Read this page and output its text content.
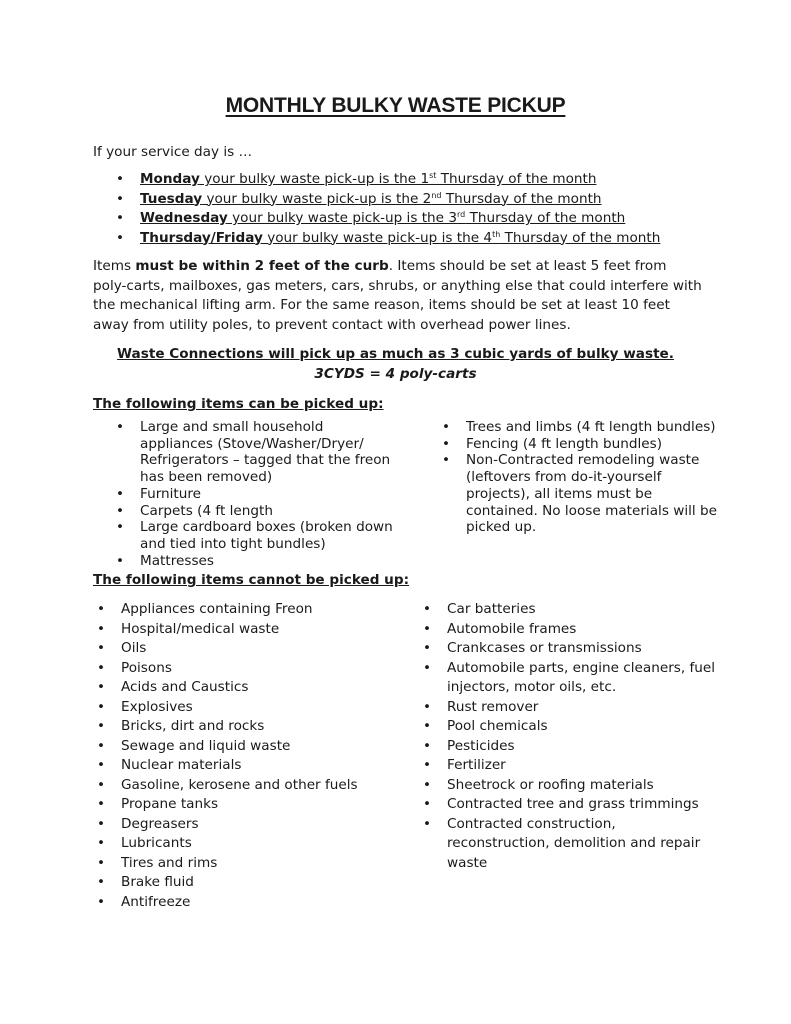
MONTHLY BULKY WASTE PICKUP
If your service day is …
• Monday your bulky waste pick-up is the 1st Thursday of the month
• Tuesday your bulky waste pick-up is the 2nd Thursday of the month
• Wednesday your bulky waste pick-up is the 3rd Thursday of the month
• Thursday/Friday your bulky waste pick-up is the 4th Thursday of the month
Items must be within 2 feet of the curb. Items should be set at least 5 feet from poly-carts, mailboxes, gas meters, cars, shrubs, or anything else that could interfere with the mechanical lifting arm. For the same reason, items should be set at least 10 feet away from utility poles, to prevent contact with overhead power lines.
Waste Connections will pick up as much as 3 cubic yards of bulky waste.
3CYDS = 4 poly-carts
The following items can be picked up:
• Large and small household appliances (Stove/Washer/Dryer/ Refrigerators – tagged that the freon has been removed)
• Furniture
• Carpets (4 ft length
• Large cardboard boxes (broken down and tied into tight bundles)
• Mattresses
• Trees and limbs (4 ft length bundles)
• Fencing (4 ft length bundles)
• Non-Contracted remodeling waste (leftovers from do-it-yourself projects), all items must be contained. No loose materials will be picked up.
The following items cannot be picked up:
• Appliances containing Freon
• Hospital/medical waste
• Oils
• Poisons
• Acids and Caustics
• Explosives
• Bricks, dirt and rocks
• Sewage and liquid waste
• Nuclear materials
• Gasoline, kerosene and other fuels
• Propane tanks
• Degreasers
• Lubricants
• Tires and rims
• Brake fluid
• Antifreeze
• Car batteries
• Automobile frames
• Crankcases or transmissions
• Automobile parts, engine cleaners, fuel injectors, motor oils, etc.
• Rust remover
• Pool chemicals
• Pesticides
• Fertilizer
• Sheetrock or roofing materials
• Contracted tree and grass trimmings
• Contracted construction, reconstruction, demolition and repair waste
